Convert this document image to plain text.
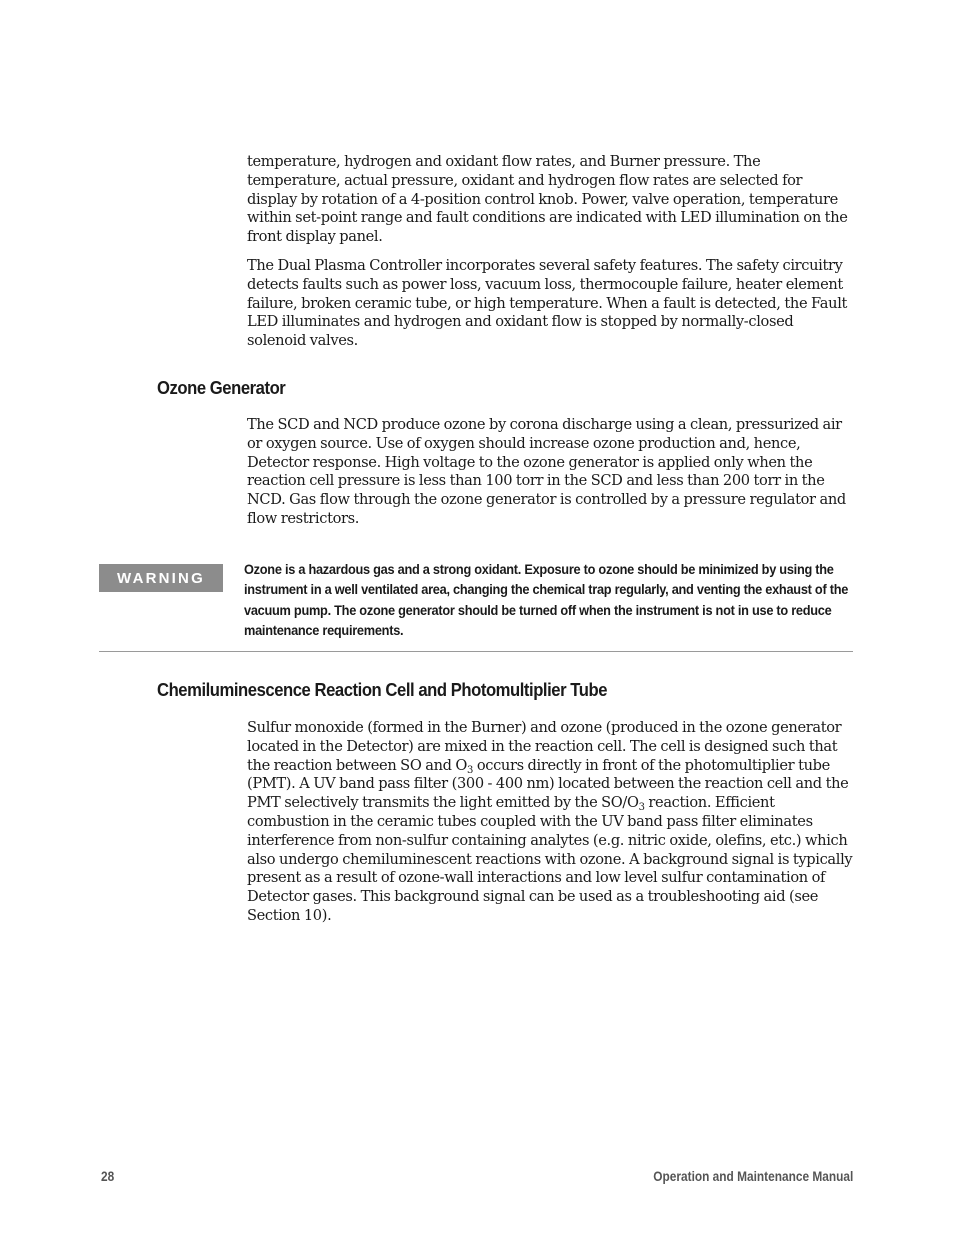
temperature, hydrogen and oxidant flow rates, and Burner pressure. The temperature, actual pressure, oxidant and hydrogen flow rates are selected for display by rotation of a 4-position control knob. Power, valve operation, temperature within set-point range and fault conditions are indicated with LED illumination on the front display panel.

The Dual Plasma Controller incorporates several safety features. The safety circuitry detects faults such as power loss, vacuum loss, thermocouple failure, heater element failure, broken ceramic tube, or high temperature. When a fault is detected, the Fault LED illuminates and hydrogen and oxidant flow is stopped by normally-closed solenoid valves.

Ozone Generator

The SCD and NCD produce ozone by corona discharge using a clean, pressurized air or oxygen source. Use of oxygen should increase ozone production and, hence, Detector response. High voltage to the ozone generator is applied only when the reaction cell pressure is less than 100 torr in the SCD and less than 200 torr in the NCD. Gas flow through the ozone generator is controlled by a pressure regulator and flow restrictors.

WARNING	Ozone is a hazardous gas and a strong oxidant. Exposure to ozone should be minimized by using the instrument in a well ventilated area, changing the chemical trap regularly, and venting the exhaust of the vacuum pump. The ozone generator should be turned off when the instrument is not in use to reduce maintenance requirements.

Chemiluminescence Reaction Cell and Photomultiplier Tube

Sulfur monoxide (formed in the Burner) and ozone (produced in the ozone generator located in the Detector) are mixed in the reaction cell. The cell is designed such that the reaction between SO and $O_3$ occurs directly in front of the photomultiplier tube (PMT). A UV band pass filter (300 - 400 nm) located between the reaction cell and the PMT selectively transmits the light emitted by the $SO/O_3$ reaction. Efficient combustion in the ceramic tubes coupled with the UV band pass filter eliminates interference from non-sulfur containing analytes (e.g. nitric oxide, olefins, etc.) which also undergo chemiluminescent reactions with ozone. A background signal is typically present as a result of ozone-wall interactions and low level sulfur contamination of Detector gases. This background signal can be used as a troubleshooting aid (see Section 10).

28	Operation and Maintenance Manual
